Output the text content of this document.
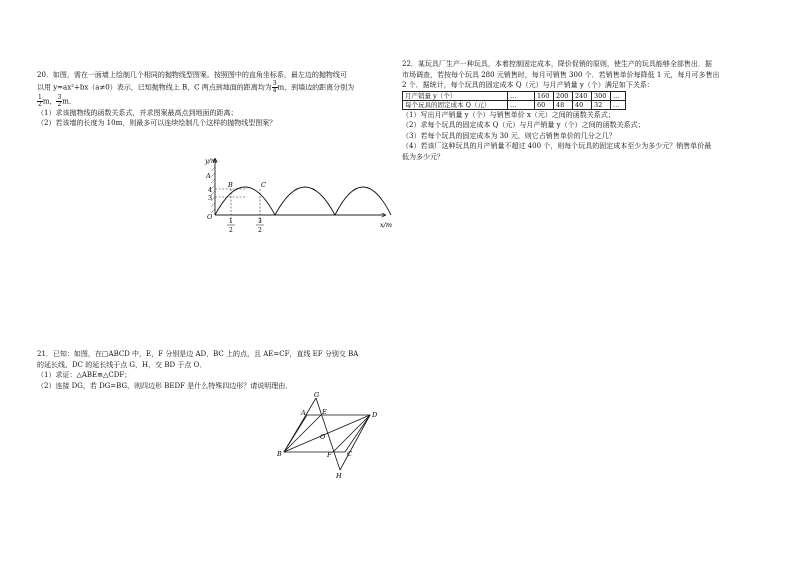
20．如图，需在一面墙上绘制几个相同的抛物线型图案。按照图中的直角坐标系，最左边的抛物线可

以用 y=ax²+bx（a≠0）表示，已知抛物线上 B，C 两点到地面的距离均为 $\frac{3}{4}$ m，到墙边的距离分别为

$\frac{1}{2}$ m， $\frac{3}{2}$ m．

（1）求该抛物线的函数关系式，并求图案最高点到地面的距离；

（2）若该墙的长度为 10m，则最多可以连续绘制几个这样的抛物线型图案？

y/m
x/m
O
A
4
3
B	C
1
2
3
2

21．已知：如图，在□ABCD 中，E，F 分别是边 AD，BC 上的点，且 AE=CF，直线 EF 分别交 BA

的延长线、DC 的延长线于点 G，H，交 BD 于点 O．

（1）求证：△ABE≌△CDF；

（2）连接 DG，若 DG=BG，则四边形 BEDF 是什么特殊四边形？请说明理由．

G
A	E	D
O
B	F C
H

22．某玩具厂生产一种玩具，本着控制固定成本，降价促销的原则，使生产的玩具能够全部售出．据

市场调查，若按每个玩具 280 元销售时，每月可销售 300 个．若销售单价每降低 1 元，每月可多售出

2 个．据统计，每个玩具的固定成本 Q（元）与月产销量 y（个）满足如下关系：

月产销量 y（个）	…	160	200	240	300	…
每个玩具的固定成本 Q（元）	…	60	48	40	32	…

（1）写出月产销量 y（个）与销售单价 x（元）之间的函数关系式；

（2）求每个玩具的固定成本 Q（元）与月产销量 y（个）之间的函数关系式；

（3）若每个玩具的固定成本为 30 元，则它占销售单价的几分之几？

（4）若该厂这种玩具的月产销量不超过 400 个，则每个玩具的固定成本至少为多少元？销售单价最

低为多少元？
